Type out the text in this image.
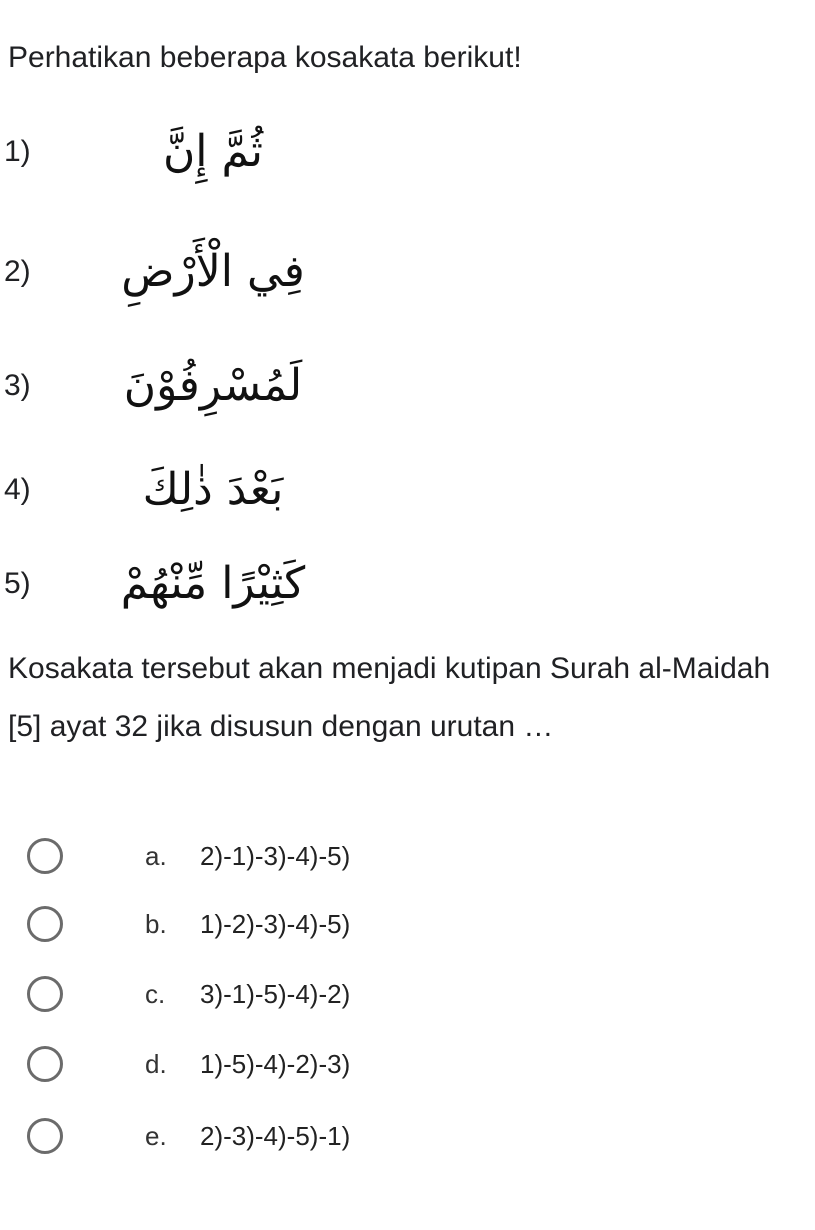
Perhatikan beberapa kosakata berikut!

1)	ثُمَّ إِنَّ
2)	فِي الْأَرْضِ
3)	لَمُسْرِفُوْنَ
4)	بَعْدَ ذٰلِكَ
5)	كَثِيْرًا مِّنْهُمْ

Kosakata tersebut akan menjadi kutipan Surah al-Maidah [5] ayat 32 jika disusun dengan urutan …

a. 2)-1)-3)-4)-5)
b. 1)-2)-3)-4)-5)
c. 3)-1)-5)-4)-2)
d. 1)-5)-4)-2)-3)
e. 2)-3)-4)-5)-1)
